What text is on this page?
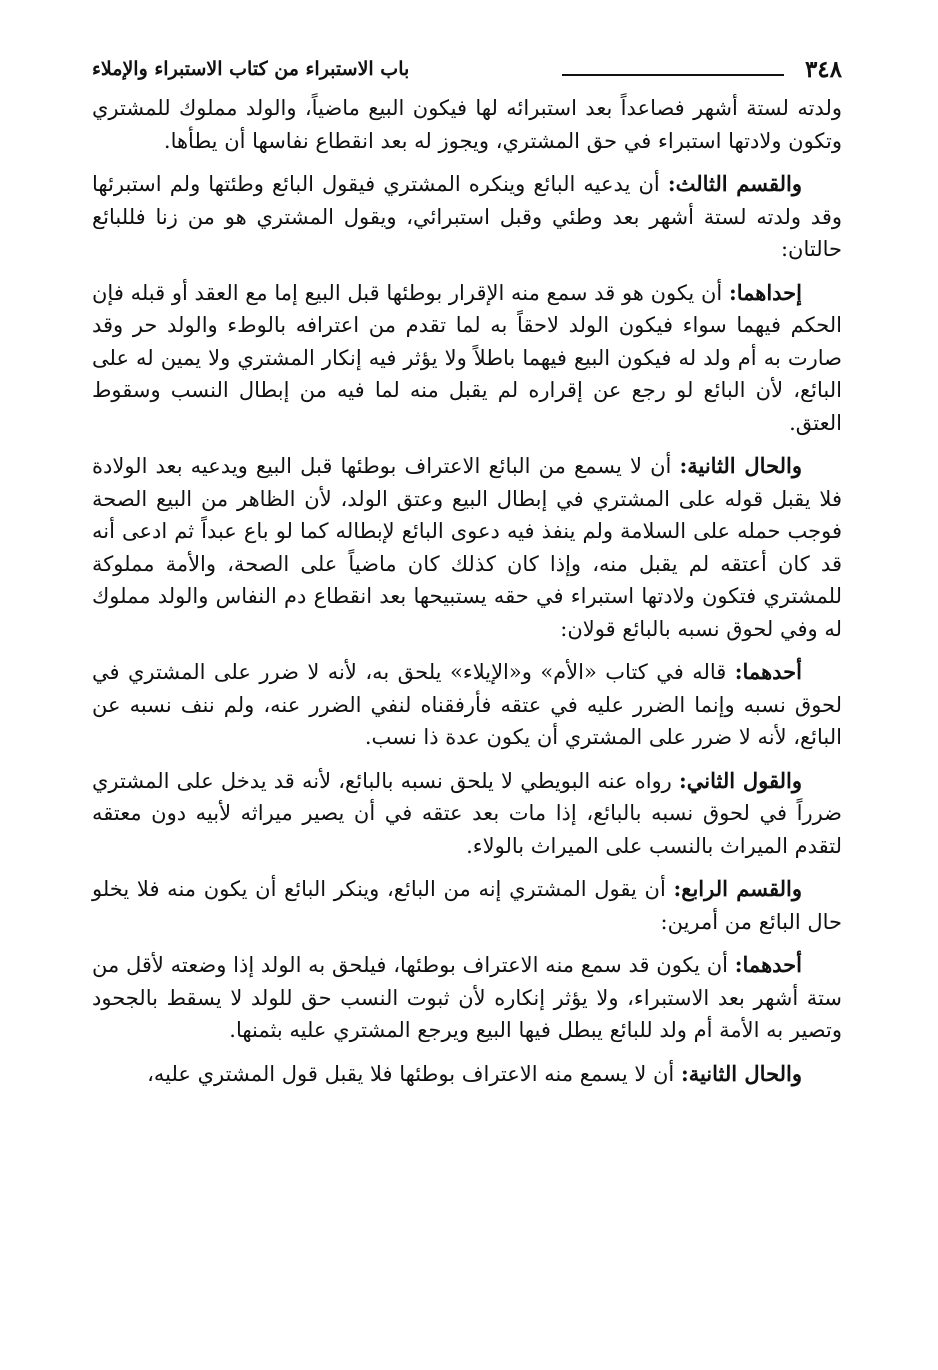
٣٤٨
باب الاستبراء من كتاب الاستبراء والإملاء

ولدته لستة أشهر فصاعداً بعد استبرائه لها فيكون البيع ماضياً، والولد مملوك للمشتري وتكون ولادتها استبراء في حق المشتري، ويجوز له بعد انقطاع نفاسها أن يطأها.

والقسم الثالث: أن يدعيه البائع وينكره المشتري فيقول البائع وطئتها ولم استبرئها وقد ولدته لستة أشهر بعد وطئي وقبل استبرائي، ويقول المشتري هو من زنا فللبائع حالتان:

إحداهما: أن يكون هو قد سمع منه الإقرار بوطئها قبل البيع إما مع العقد أو قبله فإن الحكم فيهما سواء فيكون الولد لاحقاً به لما تقدم من اعترافه بالوطء والولد حر وقد صارت به أم ولد له فيكون البيع فيهما باطلاً ولا يؤثر فيه إنكار المشتري ولا يمين له على البائع، لأن البائع لو رجع عن إقراره لم يقبل منه لما فيه من إبطال النسب وسقوط العتق.

والحال الثانية: أن لا يسمع من البائع الاعتراف بوطئها قبل البيع ويدعيه بعد الولادة فلا يقبل قوله على المشتري في إبطال البيع وعتق الولد، لأن الظاهر من البيع الصحة فوجب حمله على السلامة ولم ينفذ فيه دعوى البائع لإبطاله كما لو باع عبداً ثم ادعى أنه قد كان أعتقه لم يقبل منه، وإذا كان كذلك كان ماضياً على الصحة، والأمة مملوكة للمشتري فتكون ولادتها استبراء في حقه يستبيحها بعد انقطاع دم النفاس والولد مملوك له وفي لحوق نسبه بالبائع قولان:

أحدهما: قاله في كتاب «الأم» و«الإيلاء» يلحق به، لأنه لا ضرر على المشتري في لحوق نسبه وإنما الضرر عليه في عتقه فأرفقناه لنفي الضرر عنه، ولم ننف نسبه عن البائع، لأنه لا ضرر على المشتري أن يكون عدة ذا نسب.

والقول الثاني: رواه عنه البويطي لا يلحق نسبه بالبائع، لأنه قد يدخل على المشتري ضرراً في لحوق نسبه بالبائع، إذا مات بعد عتقه في أن يصير ميراثه لأبيه دون معتقه لتقدم الميراث بالنسب على الميراث بالولاء.

والقسم الرابع: أن يقول المشتري إنه من البائع، وينكر البائع أن يكون منه فلا يخلو حال البائع من أمرين:

أحدهما: أن يكون قد سمع منه الاعتراف بوطئها، فيلحق به الولد إذا وضعته لأقل من ستة أشهر بعد الاستبراء، ولا يؤثر إنكاره لأن ثبوت النسب حق للولد لا يسقط بالجحود وتصير به الأمة أم ولد للبائع يبطل فيها البيع ويرجع المشتري عليه بثمنها.

والحال الثانية: أن لا يسمع منه الاعتراف بوطئها فلا يقبل قول المشتري عليه،
